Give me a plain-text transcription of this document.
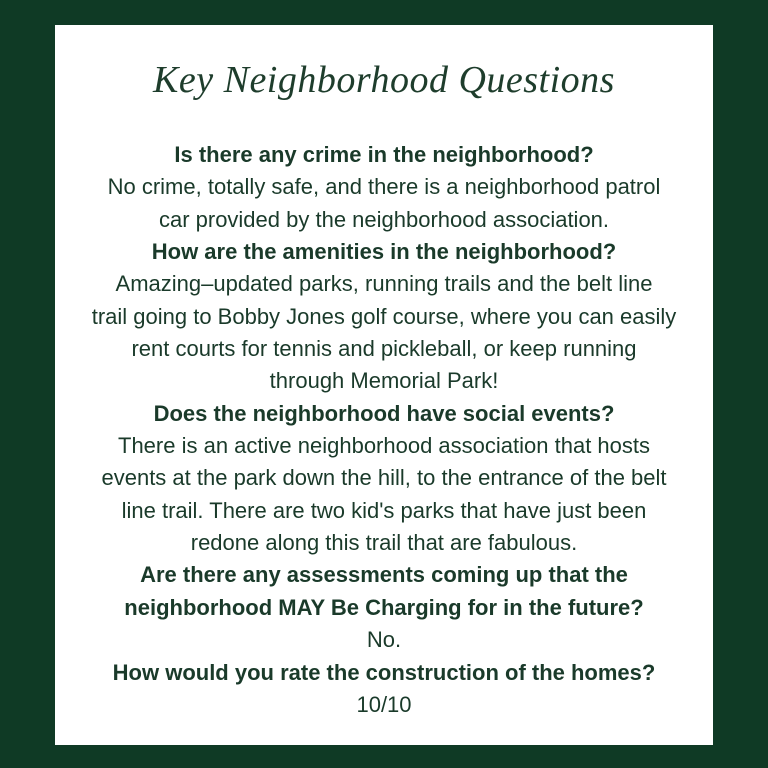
Key Neighborhood Questions
Is there any crime in the neighborhood?
No crime, totally safe, and there is a neighborhood patrol
car provided by the neighborhood association.
How are the amenities in the neighborhood?
Amazing–updated parks, running trails and the belt line
trail going to Bobby Jones golf course, where you can easily
rent courts for tennis and pickleball, or keep running
through Memorial Park!
Does the neighborhood have social events?
There is an active neighborhood association that hosts
events at the park down the hill, to the entrance of the belt
line trail. There are two kid's parks that have just been
redone along this trail that are fabulous.
Are there any assessments coming up that the
neighborhood MAY Be Charging for in the future?
No.
How would you rate the construction of the homes?
10/10
